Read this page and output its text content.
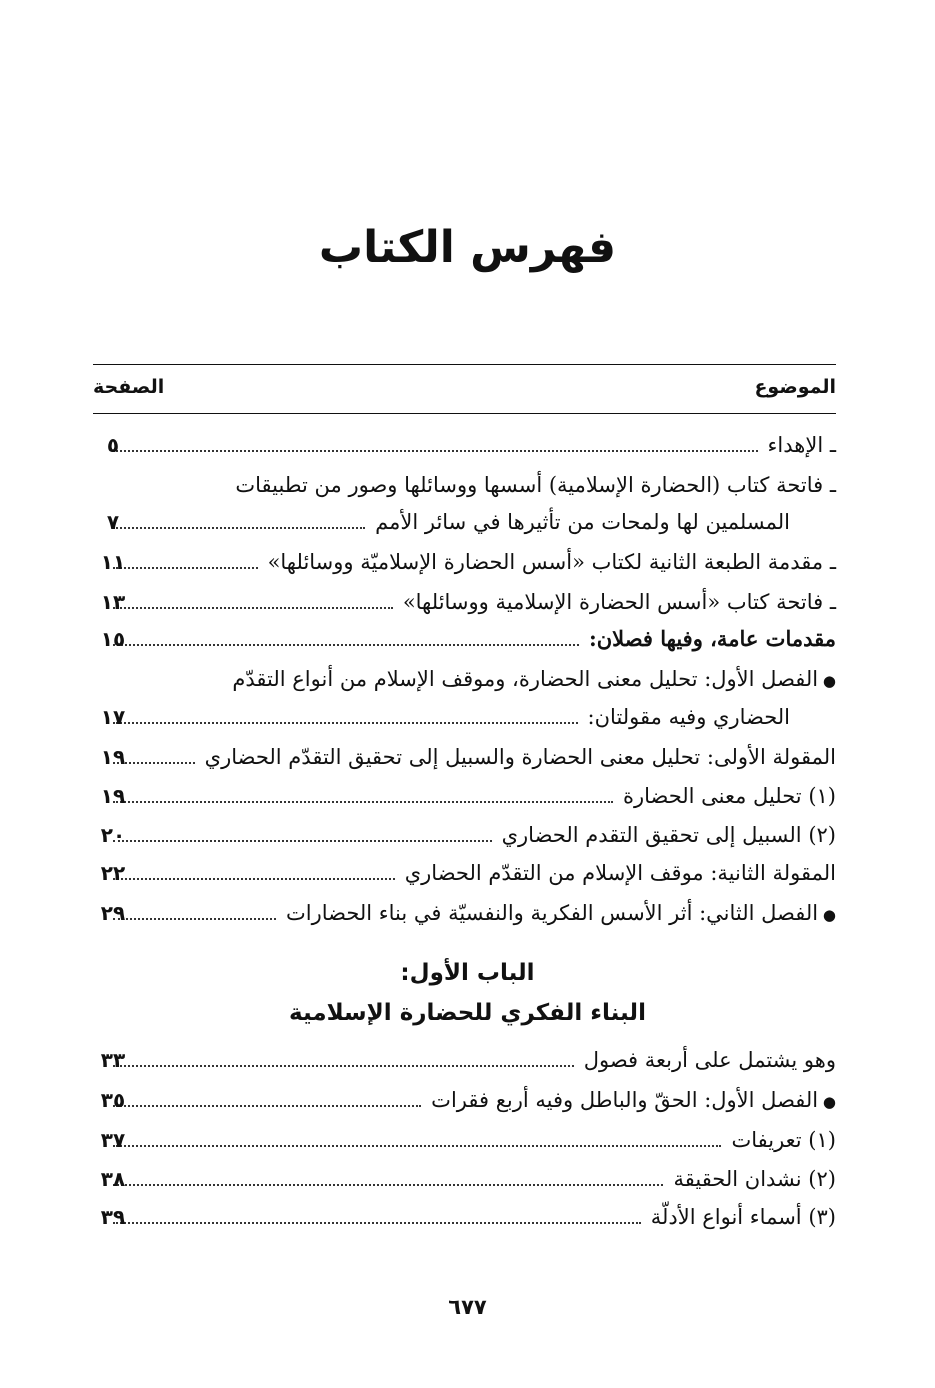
فهرس الكتاب
الموضوع
الصفحة
ـ الإهداء
٥
ـ فاتحة كتاب (الحضارة الإسلامية) أسسها ووسائلها وصور من تطبيقات
المسلمين لها ولمحات من تأثيرها في سائر الأمم
٧
ـ مقدمة الطبعة الثانية لكتاب «أسس الحضارة الإسلاميّة ووسائلها»
١١
ـ فاتحة كتاب «أسس الحضارة الإسلامية ووسائلها»
١٣
مقدمات عامة، وفيها فصلان:
١٥
● الفصل الأول: تحليل معنى الحضارة، وموقف الإسلام من أنواع التقدّم
الحضاري وفيه مقولتان:
١٧
المقولة الأولى: تحليل معنى الحضارة والسبيل إلى تحقيق التقدّم الحضاري
١٩
(١) تحليل معنى الحضارة
١٩
(٢) السبيل إلى تحقيق التقدم الحضاري
٢٠
المقولة الثانية: موقف الإسلام من التقدّم الحضاري
٢٢
● الفصل الثاني: أثر الأسس الفكرية والنفسيّة في بناء الحضارات
٢٩
الباب الأول:
البناء الفكري للحضارة الإسلامية
وهو يشتمل على أربعة فصول
٣٣
● الفصل الأول: الحقّ والباطل وفيه أربع فقرات
٣٥
(١) تعريفات
٣٧
(٢) نشدان الحقيقة
٣٨
(٣) أسماء أنواع الأدلّة
٣٩
٦٧٧
